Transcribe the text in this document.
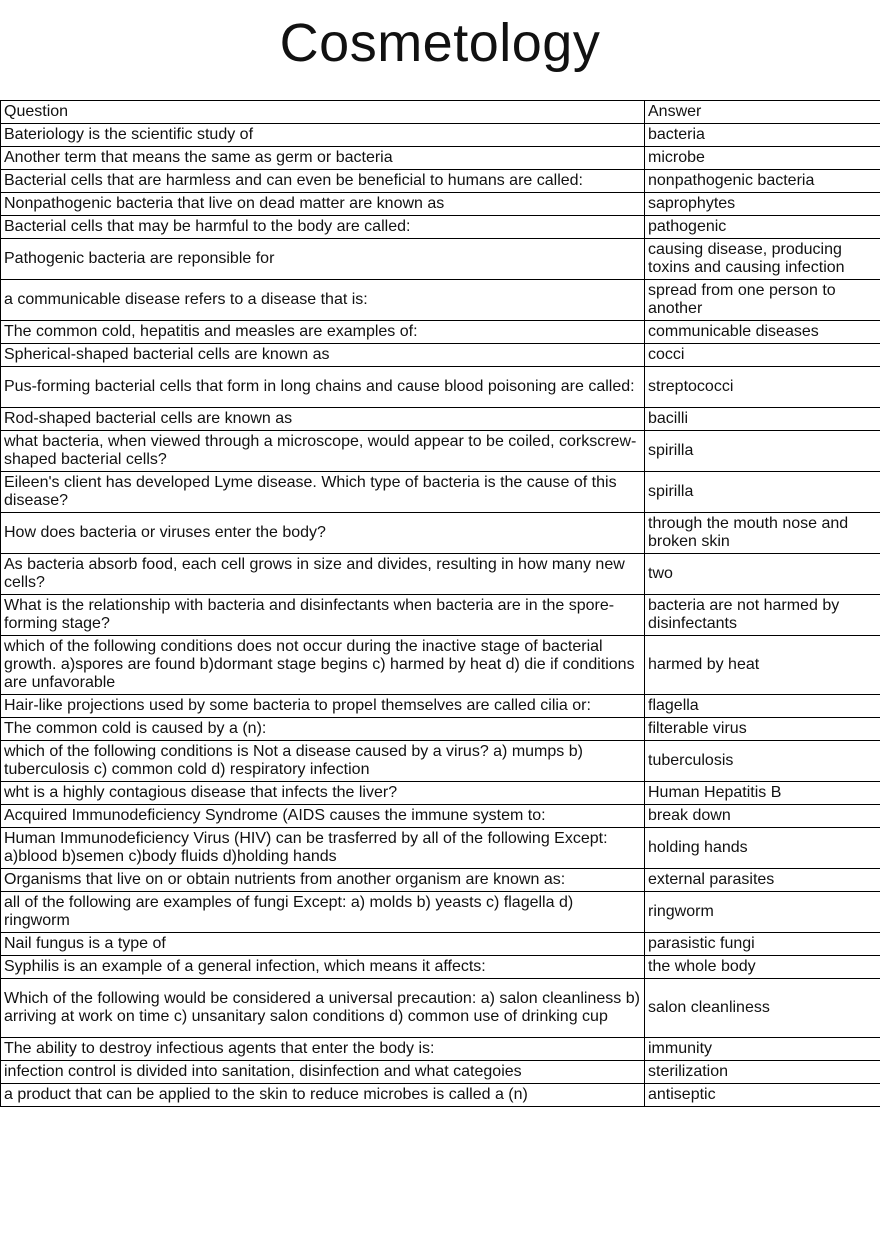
Cosmetology
Question	Answer
Bateriology is the scientific study of	bacteria
Another term that means the same as germ or bacteria	microbe
Bacterial cells that are harmless and can even be beneficial to humans are called:	nonpathogenic bacteria
Nonpathogenic bacteria that live on dead matter are known as	saprophytes
Bacterial cells that may be harmful to the body are called:	pathogenic
Pathogenic bacteria are reponsible for	causing disease, producing toxins and causing infection
a communicable disease refers to a disease that is:	spread from one person to another
The common cold, hepatitis and measles are examples of:	communicable diseases
Spherical-shaped bacterial cells are known as	cocci
Pus-forming bacterial cells that form in long chains and cause blood poisoning are called:	streptococci
Rod-shaped bacterial cells are known as	bacilli
what bacteria, when viewed through a microscope, would appear to be coiled, corkscrew-shaped bacterial cells?	spirilla
Eileen's client has developed Lyme disease. Which type of bacteria is the cause of this disease?	spirilla
How does bacteria or viruses enter the body?	through the mouth nose and broken skin
As bacteria absorb food, each cell grows in size and divides, resulting in how many new cells?	two
What is the relationship with bacteria and disinfectants when bacteria are in the spore-forming stage?	bacteria are not harmed by disinfectants
which of the following conditions does not occur during the inactive stage of bacterial growth. a)spores are found b)dormant stage begins c) harmed by heat d) die if conditions are unfavorable	harmed by heat
Hair-like projections used by some bacteria to propel themselves are called cilia or:	flagella
The common cold is caused by a (n):	filterable virus
which of the following conditions is Not a disease caused by a virus? a) mumps b) tuberculosis c) common cold d) respiratory infection	tuberculosis
wht is a highly contagious disease that infects the liver?	Human Hepatitis B
Acquired Immunodeficiency Syndrome (AIDS causes the immune system to:	break down
Human Immunodeficiency Virus (HIV) can be trasferred by all of the following Except: a)blood b)semen c)body fluids d)holding hands	holding hands
Organisms that live on or obtain nutrients from another organism are known as:	external parasites
all of the following are examples of fungi Except: a) molds b) yeasts c) flagella d) ringworm	ringworm
Nail fungus is a type of	parasistic fungi
Syphilis is an example of a general infection, which means it affects:	the whole body
Which of the following would be considered a universal precaution: a) salon cleanliness b) arriving at work on time c) unsanitary salon conditions d) common use of drinking cup	salon cleanliness
The ability to destroy infectious agents that enter the body is:	immunity
infection control is divided into sanitation, disinfection and what categoies	sterilization
a product that can be applied to the skin to reduce microbes is called a (n)	antiseptic
